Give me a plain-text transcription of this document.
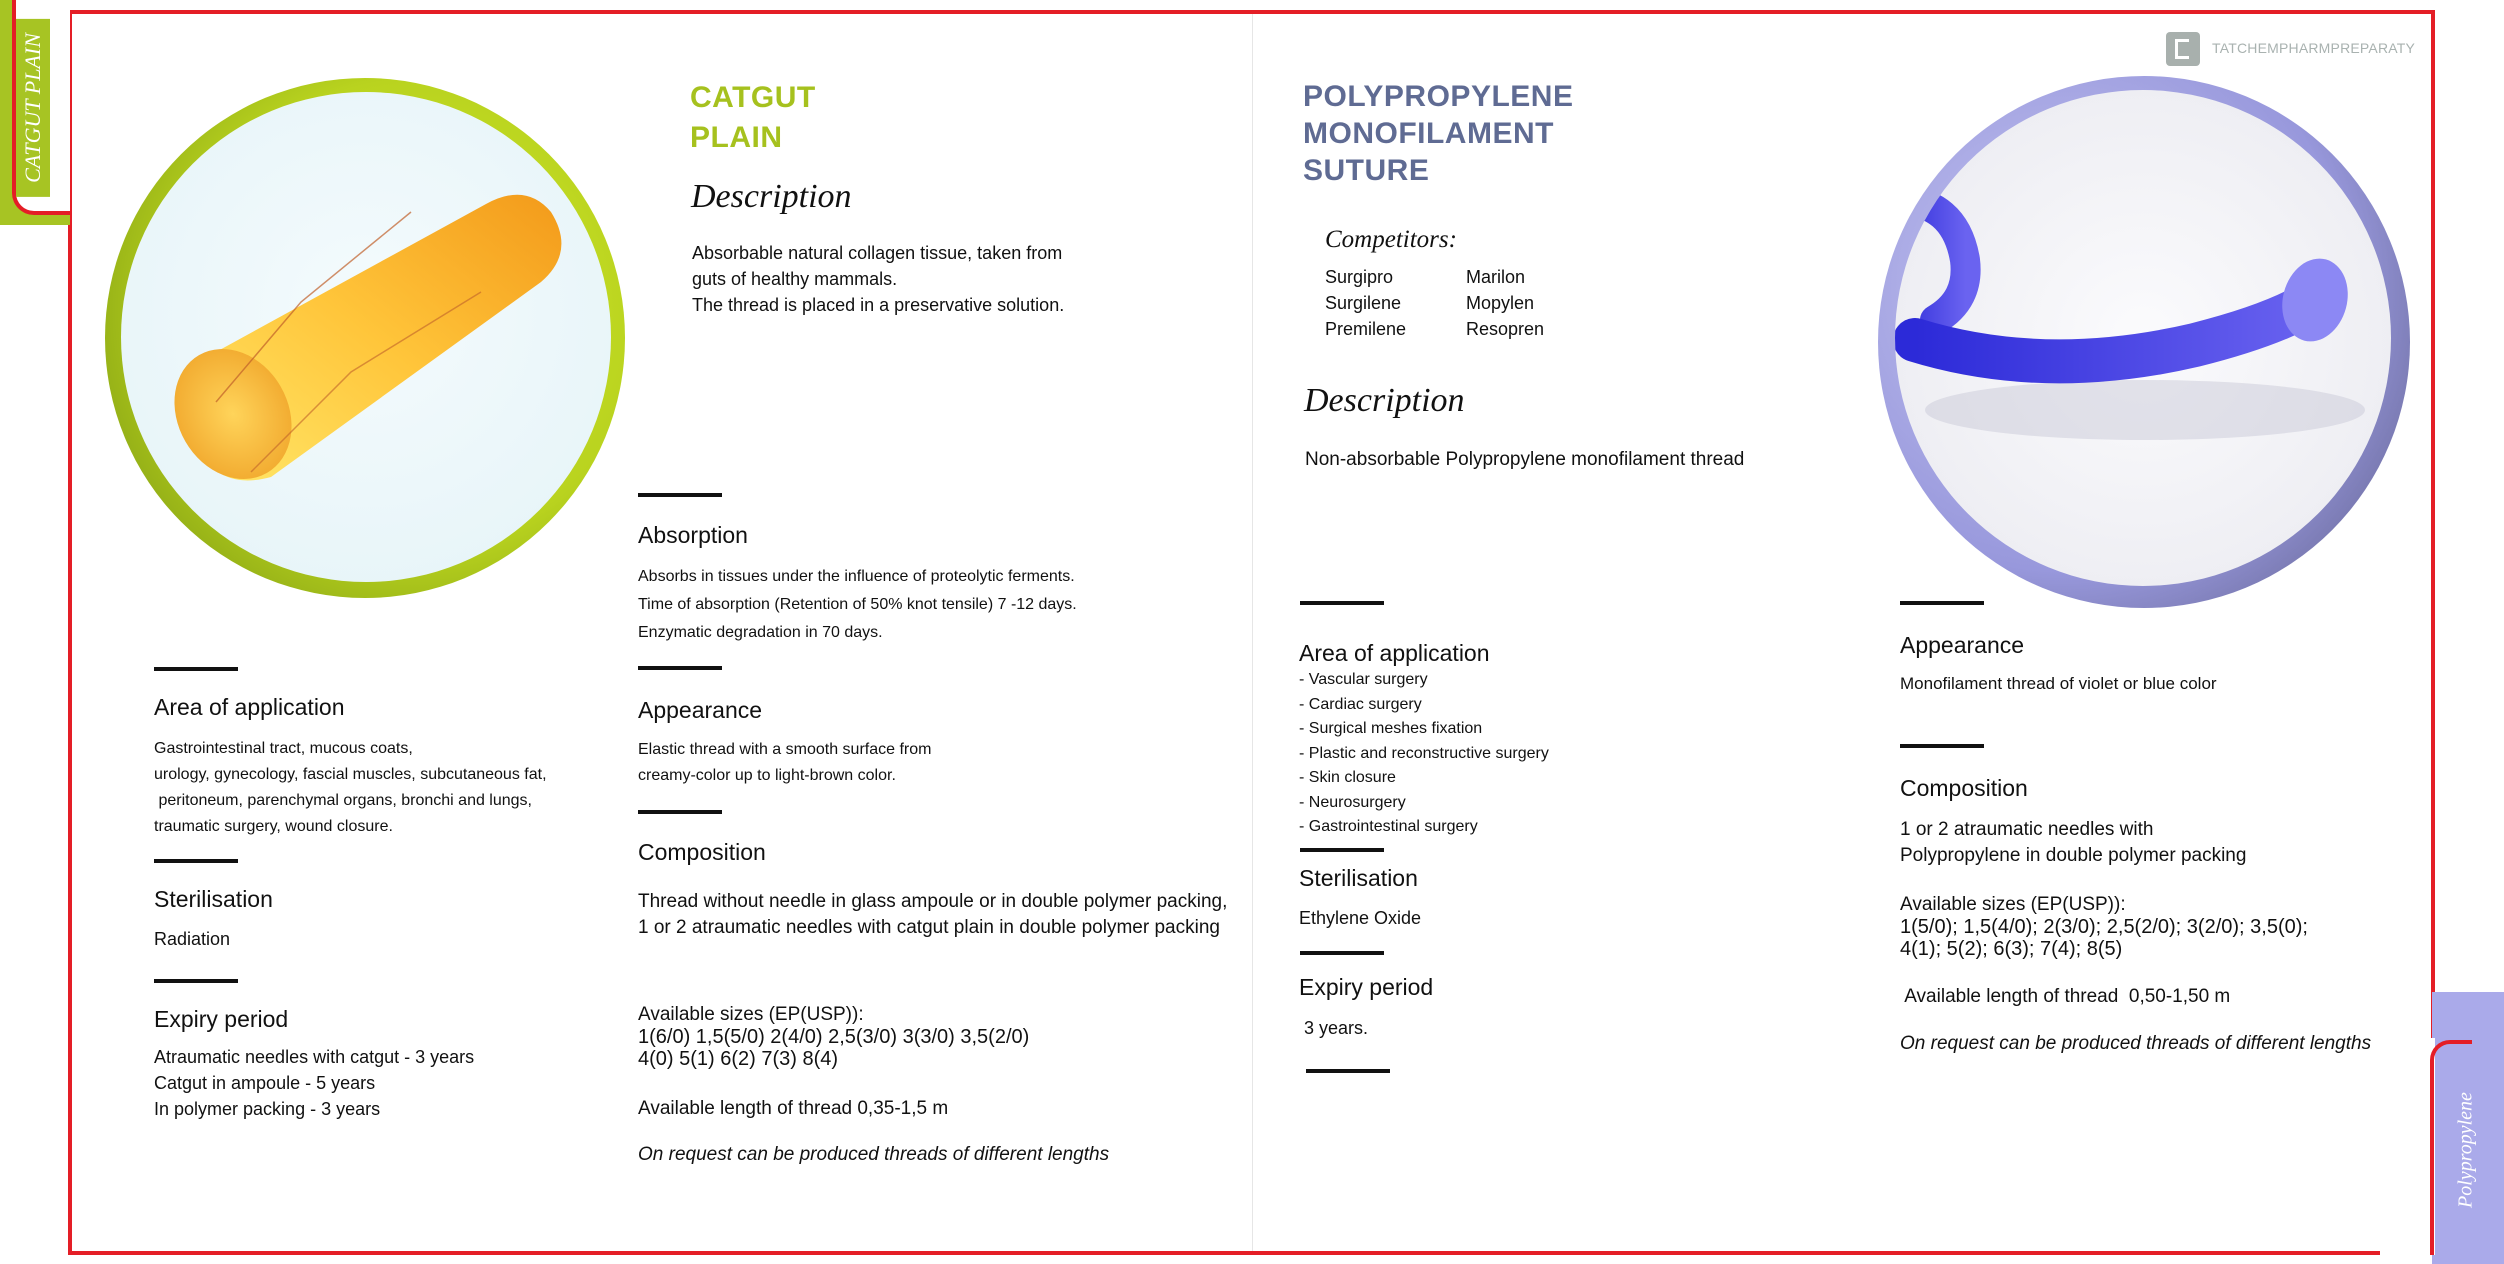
CATGUT PLAIN
Polypropylene
TATCHEMPHARMPREPARATY
CATGUT
PLAIN
Description
Absorbable natural collagen tissue, taken from
guts of healthy mammals.
The thread is placed in a preservative solution.
Absorption
Absorbs in tissues under the influence of proteolytic ferments.
Time of absorption (Retention of 50% knot tensile) 7 -12 days.
Enzymatic degradation in 70 days.
Appearance
Elastic thread with a smooth surface from
creamy-color up to light-brown color.
Composition
Thread without needle in glass ampoule or in double polymer packing,
1 or 2 atraumatic needles with catgut plain in double polymer packing
Available sizes (EP(USP)):
1(6/0) 1,5(5/0) 2(4/0) 2,5(3/0) 3(3/0) 3,5(2/0)
4(0) 5(1) 6(2) 7(3) 8(4)
Available length of thread 0,35-1,5 m
On request can be produced threads of different lengths
Area of application
Gastrointestinal tract, mucous coats,
urology, gynecology, fascial muscles, subcutaneous fat,
peritoneum, parenchymal organs, bronchi and lungs,
traumatic surgery, wound closure.
Sterilisation
Radiation
Expiry period
Atraumatic needles with catgut - 3 years
Catgut in ampoule - 5 years
In polymer packing - 3 years
POLYPROPYLENE
MONOFILAMENT
SUTURE
Competitors:
Surgipro
Surgilene
Premilene
Marilon
Mopylen
Resopren
Description
Non-absorbable Polypropylene monofilament thread
Area of application
- Vascular surgery
- Cardiac surgery
- Surgical meshes fixation
- Plastic and reconstructive surgery
- Skin closure
- Neurosurgery
- Gastrointestinal surgery
Sterilisation
Ethylene Oxide
Expiry period
3 years.
Appearance
Monofilament thread of violet or blue color
Composition
1 or 2 atraumatic needles with
Polypropylene in double polymer packing
Available sizes (EP(USP)):
1(5/0); 1,5(4/0); 2(3/0); 2,5(2/0); 3(2/0); 3,5(0);
4(1); 5(2); 6(3); 7(4); 8(5)
Available length of thread  0,50-1,50 m
On request can be produced threads of different lengths
